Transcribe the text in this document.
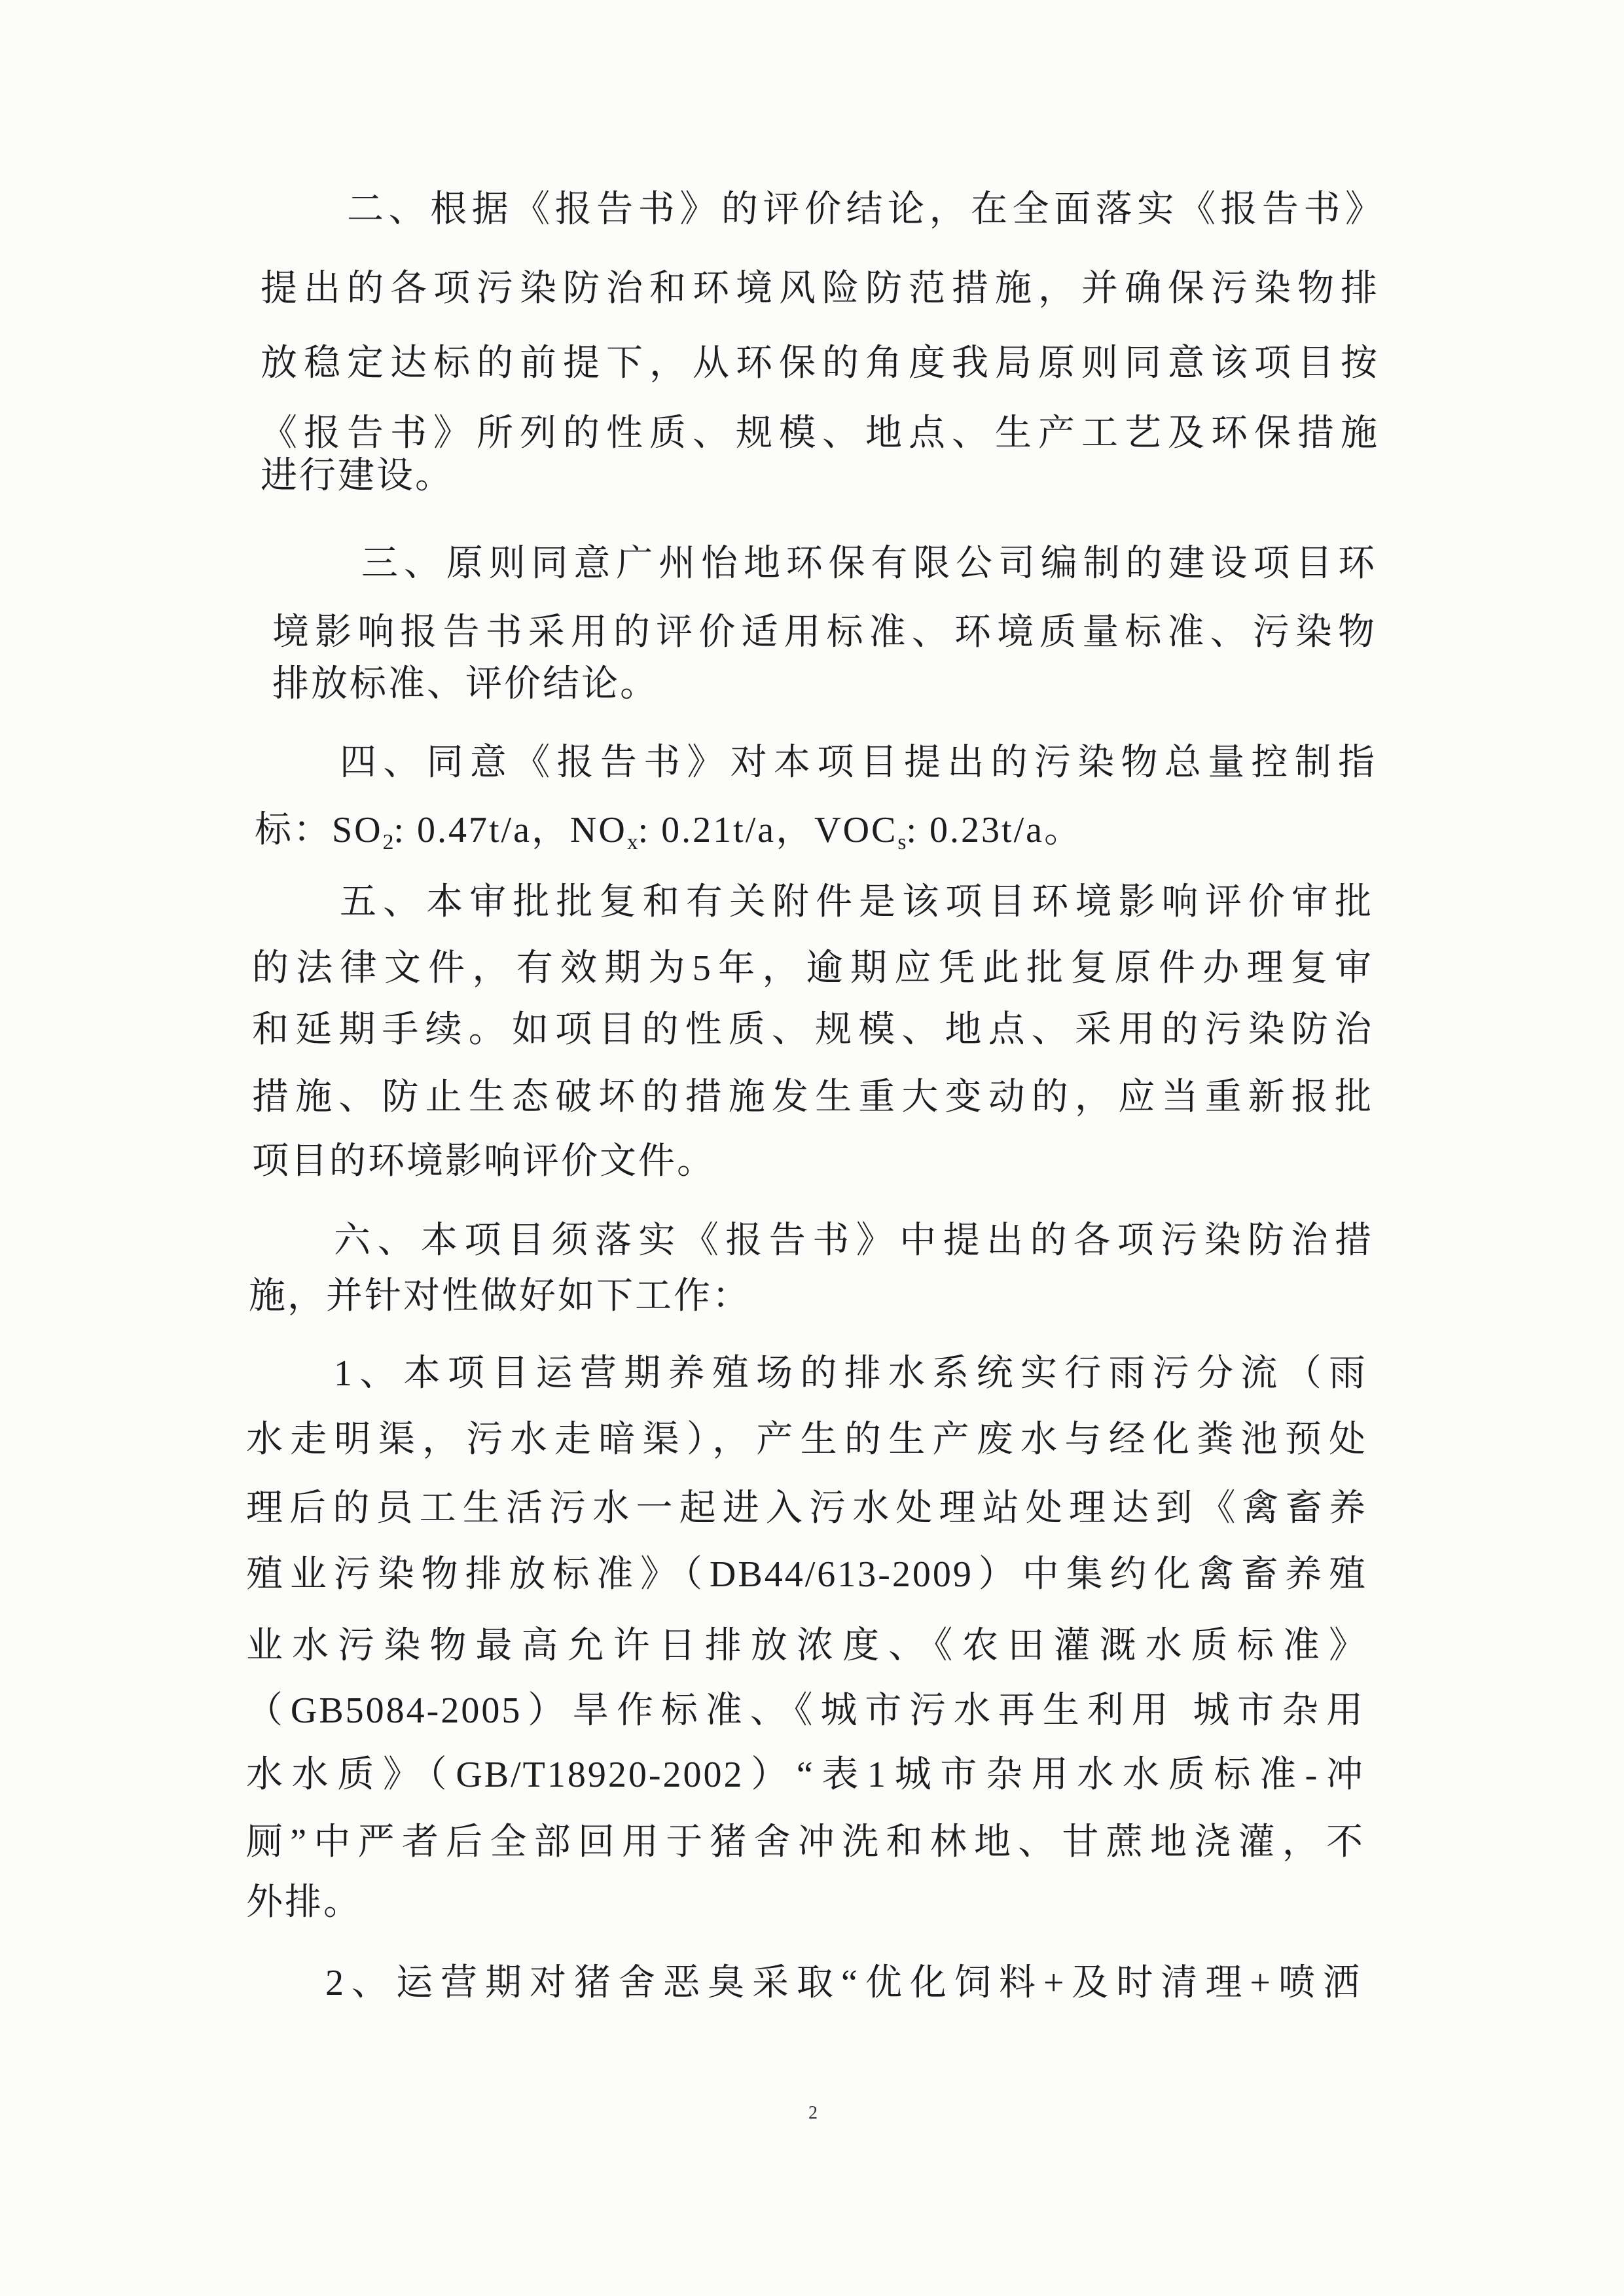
二、根据《报告书》的评价结论，在全面落实《报告书》
提出的各项污染防治和环境风险防范措施，并确保污染物排
放稳定达标的前提下，从环保的角度我局原则同意该项目按
《报告书》所列的性质、规模、地点、生产工艺及环保措施
进行建设。
三、原则同意广州怡地环保有限公司编制的建设项目环
境影响报告书采用的评价适用标准、环境质量标准、污染物
排放标准、评价结论。
四、同意《报告书》对本项目提出的污染物总量控制指
标：SO2: 0.47t/a，NOx: 0.21t/a，VOCs: 0.23t/a。
五、本审批批复和有关附件是该项目环境影响评价审批
的法律文件，有效期为5年，逾期应凭此批复原件办理复审
和延期手续。如项目的性质、规模、地点、采用的污染防治
措施、防止生态破坏的措施发生重大变动的，应当重新报批
项目的环境影响评价文件。
六、本项目须落实《报告书》中提出的各项污染防治措
施，并针对性做好如下工作：
1、本项目运营期养殖场的排水系统实行雨污分流（雨
水走明渠，污水走暗渠），产生的生产废水与经化粪池预处
理后的员工生活污水一起进入污水处理站处理达到《禽畜养
殖业污染物排放标准》（DB44/613-2009）中集约化禽畜养殖
业水污染物最高允许日排放浓度、《农田灌溉水质标准》
（GB5084-2005）旱作标准、《城市污水再生利用 城市杂用
水水质》（GB/T18920-2002）“表1城市杂用水水质标准-冲
厕”中严者后全部回用于猪舍冲洗和林地、甘蔗地浇灌，不
外排。
2、运营期对猪舍恶臭采取“优化饲料+及时清理+喷洒
2
